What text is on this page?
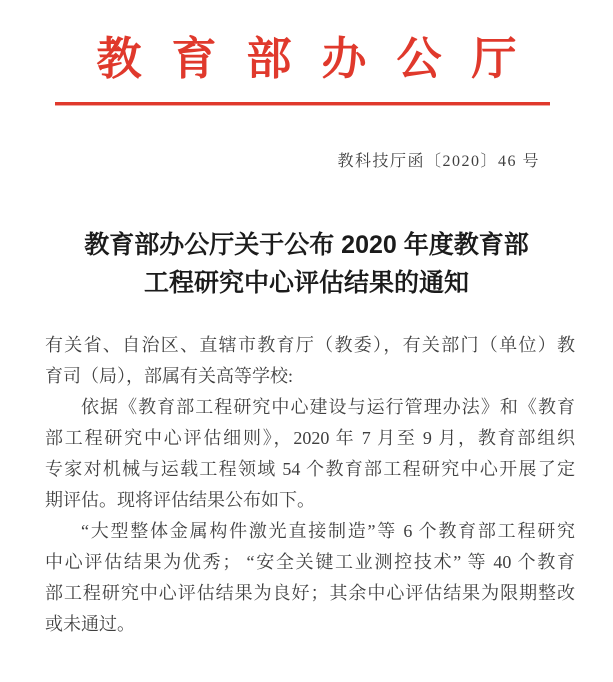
教育部办公厅
教科技厅函〔2020〕46 号
教育部办公厅关于公布 2020 年度教育部
工程研究中心评估结果的通知
有关省、自治区、直辖市教育厅（教委），有关部门（单位）教
育司（局），部属有关高等学校:
依据《教育部工程研究中心建设与运行管理办法》和《教育
部工程研究中心评估细则》，2020 年 7 月至 9 月，教育部组织
专家对机械与运载工程领域 54 个教育部工程研究中心开展了定
期评估。现将评估结果公布如下。
“大型整体金属构件激光直接制造”等 6 个教育部工程研究
中心评估结果为优秀； “安全关键工业测控技术” 等 40 个教育
部工程研究中心评估结果为良好；其余中心评估结果为限期整改
或未通过。
